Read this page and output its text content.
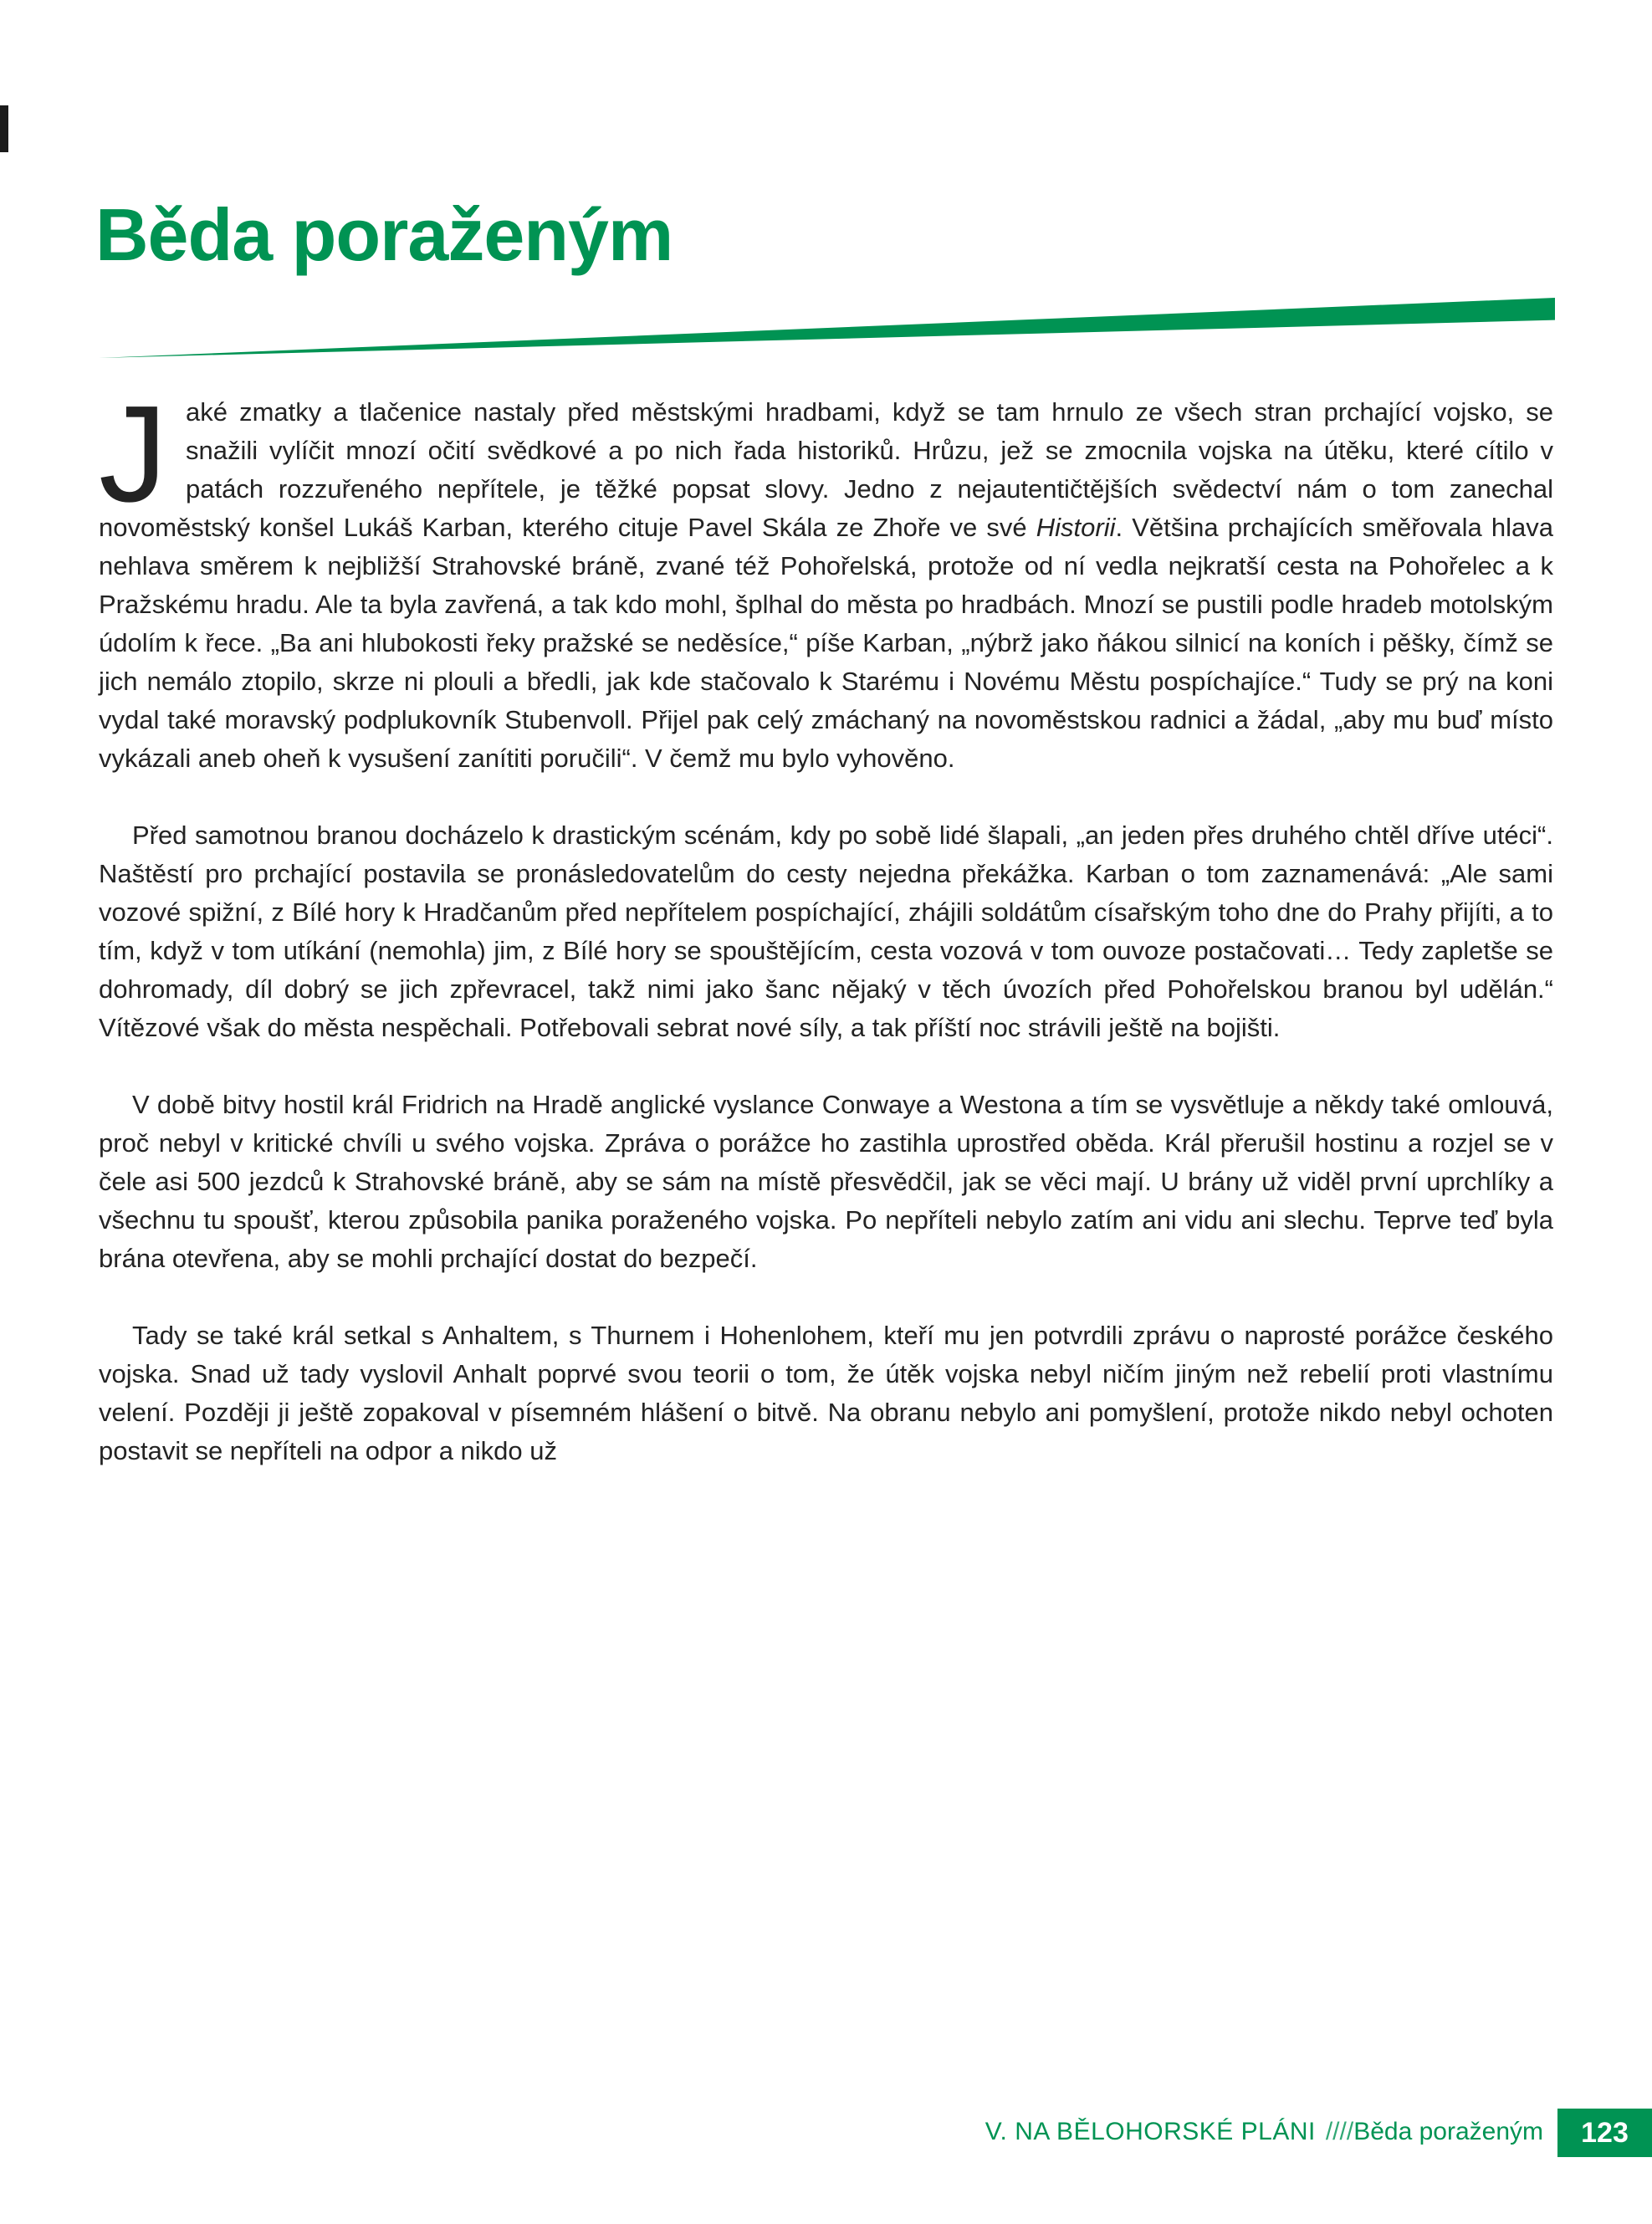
Běda poraženým

Jaké zmatky a tlačenice nastaly před městskými hradbami, když se tam hrnulo ze všech stran prchající vojsko, se snažili vylíčit mnozí očití svědkové a po nich řada historiků. Hrůzu, jež se zmocnila vojska na útěku, které cítilo v patách rozzuřeného nepřítele, je těžké popsat slovy. Jedno z nejautentičtějších svědectví nám o tom zanechal novoměstský konšel Lukáš Karban, kterého cituje Pavel Skála ze Zhoře ve své Historii. Většina prchajících směřovala hlava nehlava směrem k nejbližší Strahovské bráně, zvané též Pohořelská, protože od ní vedla nejkratší cesta na Pohořelec a k Pražskému hradu. Ale ta byla zavřená, a tak kdo mohl, šplhal do města po hradbách. Mnozí se pustili podle hradeb motolským údolím k řece. „Ba ani hlubokosti řeky pražské se neděsíce,“ píše Karban, „nýbrž jako ňákou silnicí na koních i pěšky, čímž se jich nemálo ztopilo, skrze ni plouli a bředli, jak kde stačovalo k Starému i Novému Městu pospíchajíce.“ Tudy se prý na koni vydal také moravský podplukovník Stubenvoll. Přijel pak celý zmáchaný na novoměstskou radnici a žádal, „aby mu buď místo vykázali aneb oheň k vysušení zanítiti poručili“. V čemž mu bylo vyhověno.

Před samotnou branou docházelo k drastickým scénám, kdy po sobě lidé šlapali, „an jeden přes druhého chtěl dříve utéci“. Naštěstí pro prchající postavila se pronásledovatelům do cesty nejedna překážka. Karban o tom zaznamenává: „Ale sami vozové spižní, z Bílé hory k Hradčanům před nepřítelem pospíchající, zhájili soldátům císařským toho dne do Prahy přijíti, a to tím, když v tom utíkání (nemohla) jim, z Bílé hory se spouštějícím, cesta vozová v tom ouvoze postačovati… Tedy zapletše se dohromady, díl dobrý se jich zpřevracel, takž nimi jako šanc nějaký v těch úvozích před Pohořelskou branou byl udělán.“ Vítězové však do města nespěchali. Potřebovali sebrat nové síly, a tak příští noc strávili ještě na bojišti.

V době bitvy hostil král Fridrich na Hradě anglické vyslance Conwaye a Westona a tím se vysvětluje a někdy také omlouvá, proč nebyl v kritické chvíli u svého vojska. Zpráva o porážce ho zastihla uprostřed oběda. Král přerušil hostinu a rozjel se v čele asi 500 jezdců k Strahovské bráně, aby se sám na místě přesvědčil, jak se věci mají. U brány už viděl první uprchlíky a všechnu tu spoušť, kterou způsobila panika poraženého vojska. Po nepříteli nebylo zatím ani vidu ani slechu. Teprve teď byla brána otevřena, aby se mohli prchající dostat do bezpečí.

Tady se také král setkal s Anhaltem, s Thurnem i Hohenlohem, kteří mu jen potvrdili zprávu o naprosté porážce českého vojska. Snad už tady vyslovil Anhalt poprvé svou teorii o tom, že útěk vojska nebyl ničím jiným než rebelií proti vlastnímu velení. Později ji ještě zopakoval v písemném hlášení o bitvě. Na obranu nebylo ani pomyšlení, protože nikdo nebyl ochoten postavit se nepříteli na odpor a nikdo už

V. NA BĚLOHORSKÉ PLÁNI ////Běda poraženým 123
